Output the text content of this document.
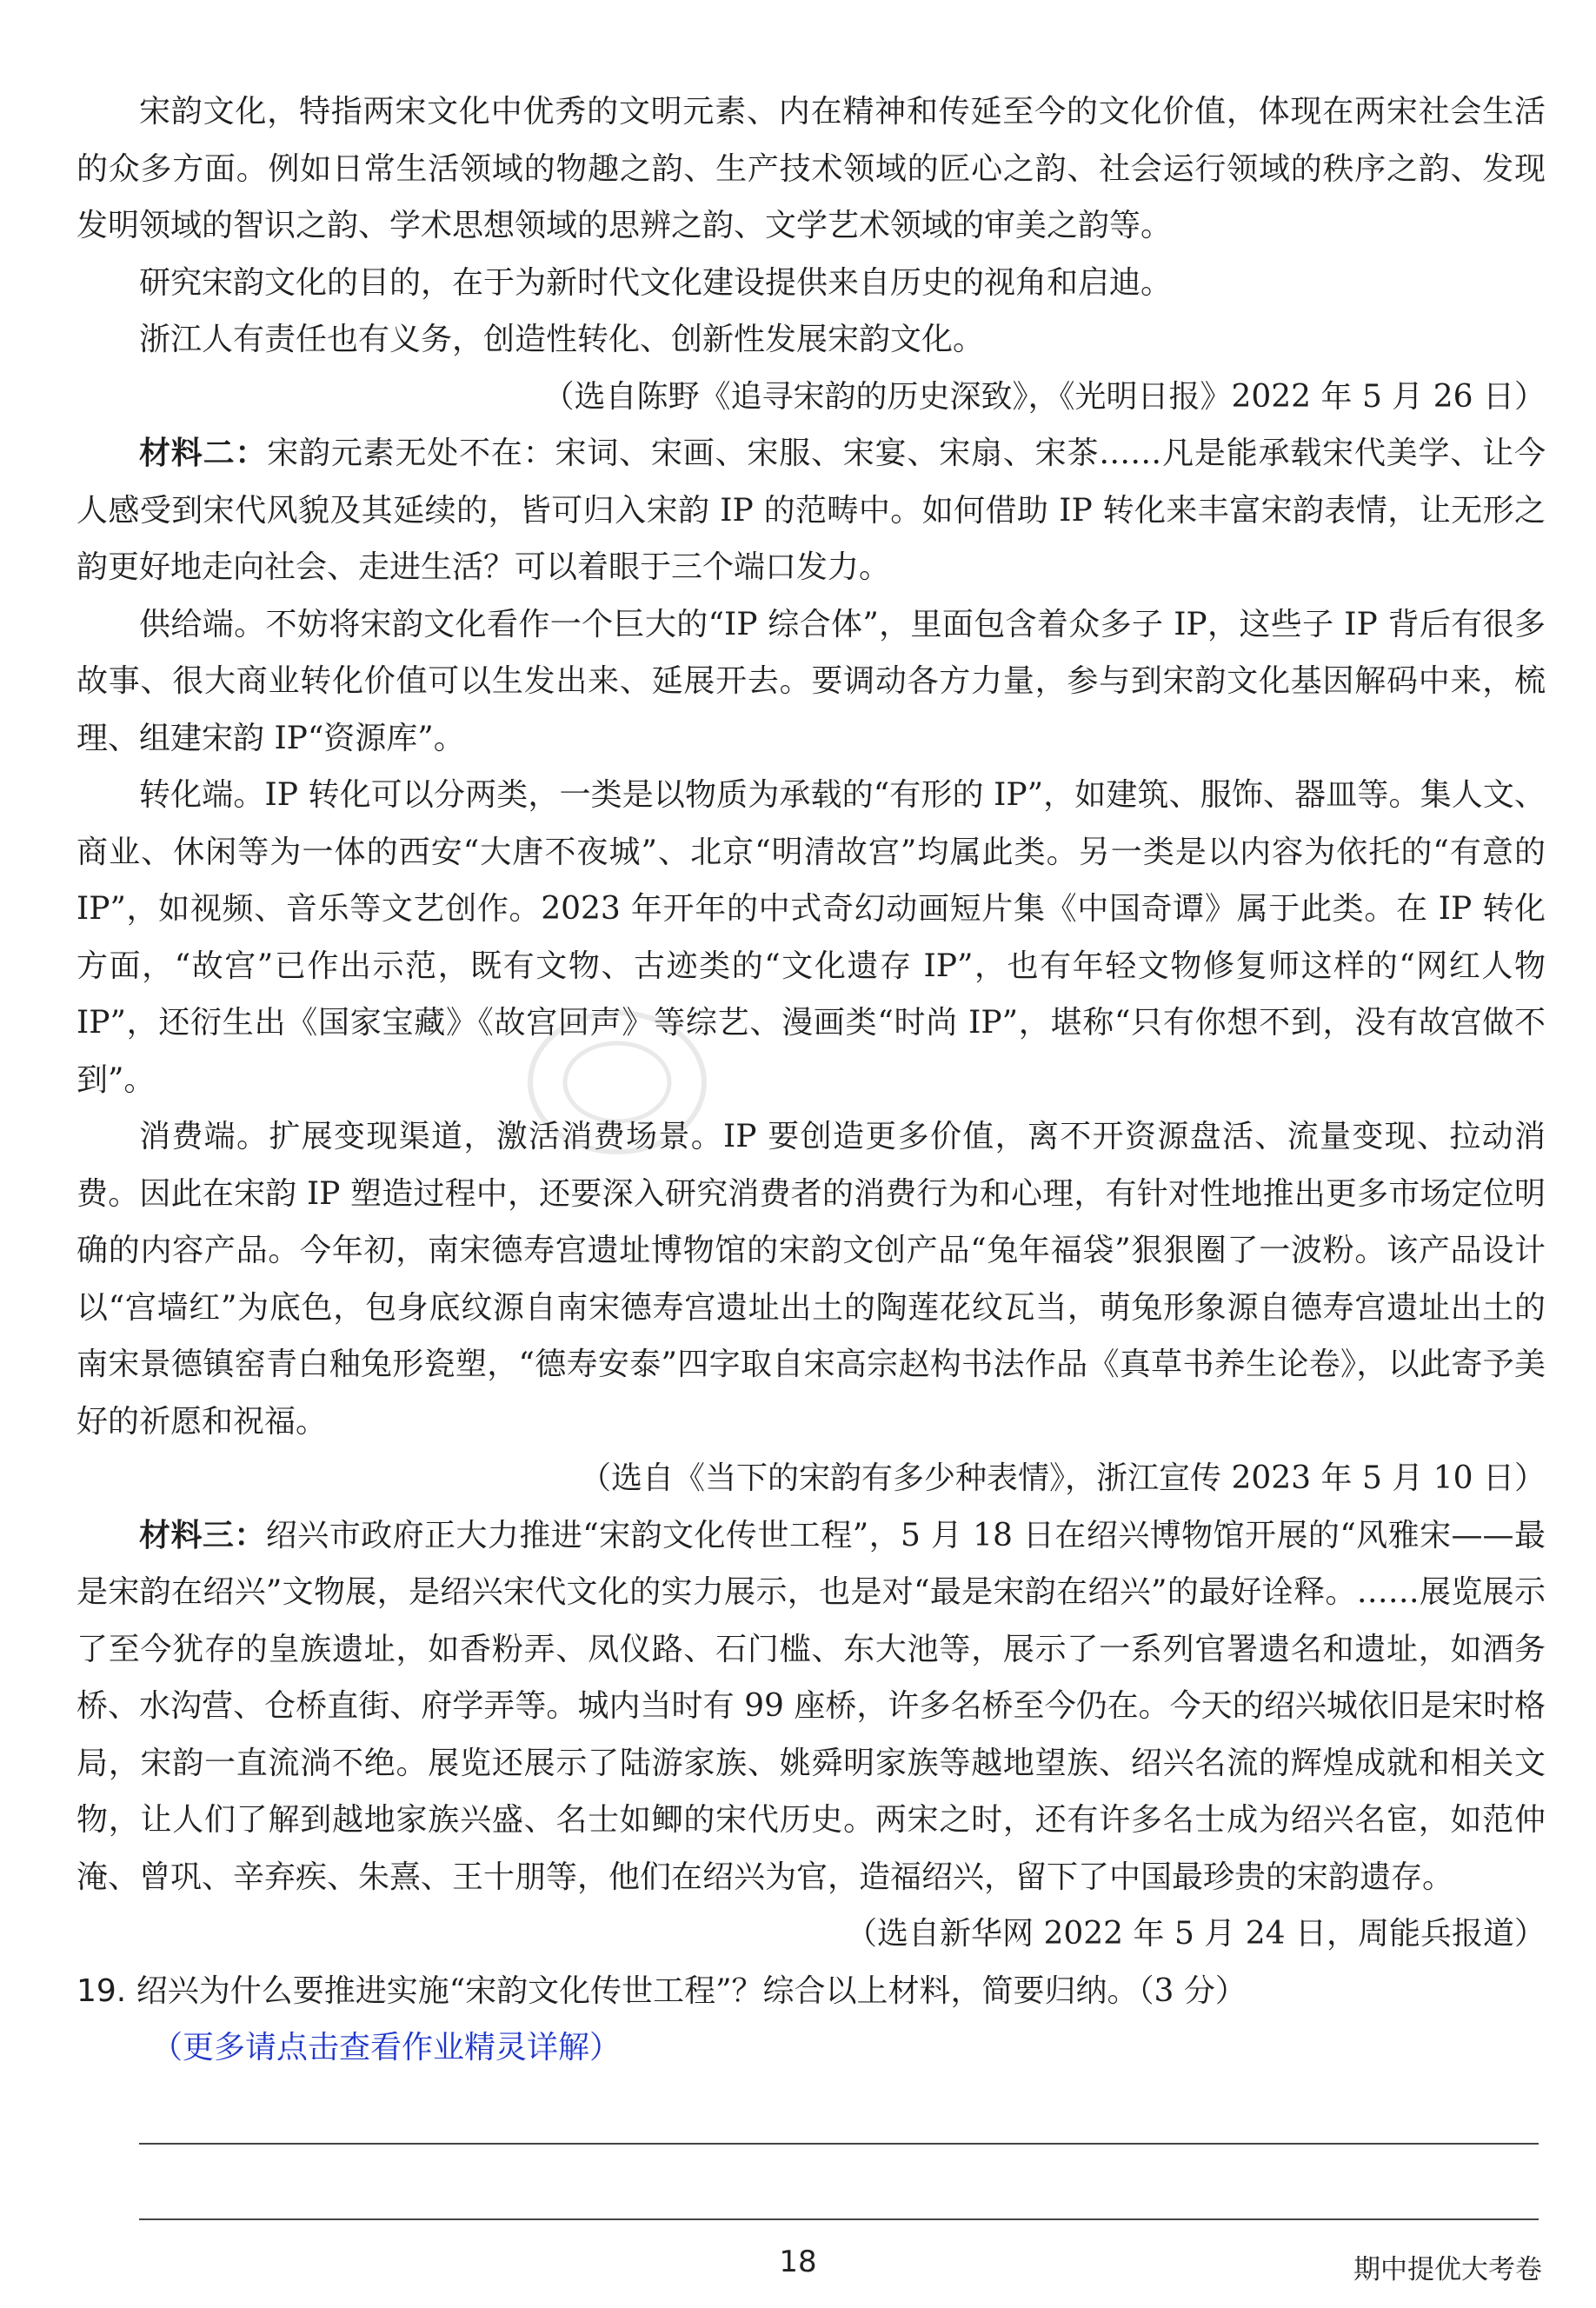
宋韵文化，特指两宋文化中优秀的文明元素、内在精神和传延至今的文化价值，体现在两宋社会生活的众多方面。例如日常生活领域的物趣之韵、生产技术领域的匠心之韵、社会运行领域的秩序之韵、发现发明领域的智识之韵、学术思想领域的思辨之韵、文学艺术领域的审美之韵等。

研究宋韵文化的目的，在于为新时代文化建设提供来自历史的视角和启迪。

浙江人有责任也有义务，创造性转化、创新性发展宋韵文化。

（选自陈野《追寻宋韵的历史深致》，《光明日报》2022 年 5 月 26 日）

材料二：宋韵元素无处不在：宋词、宋画、宋服、宋宴、宋扇、宋茶……凡是能承载宋代美学、让今人感受到宋代风貌及其延续的，皆可归入宋韵 IP 的范畴中。如何借助 IP 转化来丰富宋韵表情，让无形之韵更好地走向社会、走进生活？可以着眼于三个端口发力。

供给端。不妨将宋韵文化看作一个巨大的“IP 综合体”，里面包含着众多子 IP，这些子 IP 背后有很多故事、很大商业转化价值可以生发出来、延展开去。要调动各方力量，参与到宋韵文化基因解码中来，梳理、组建宋韵 IP“资源库”。

转化端。IP 转化可以分两类，一类是以物质为承载的“有形的 IP”，如建筑、服饰、器皿等。集人文、商业、休闲等为一体的西安“大唐不夜城”、北京“明清故宫”均属此类。另一类是以内容为依托的“有意的 IP”，如视频、音乐等文艺创作。2023 年开年的中式奇幻动画短片集《中国奇谭》属于此类。在 IP 转化方面，“故宫”已作出示范，既有文物、古迹类的“文化遗存 IP”，也有年轻文物修复师这样的“网红人物 IP”，还衍生出《国家宝藏》《故宫回声》等综艺、漫画类“时尚 IP”，堪称“只有你想不到，没有故宫做不到”。

消费端。扩展变现渠道，激活消费场景。IP 要创造更多价值，离不开资源盘活、流量变现、拉动消费。因此在宋韵 IP 塑造过程中，还要深入研究消费者的消费行为和心理，有针对性地推出更多市场定位明确的内容产品。今年初，南宋德寿宫遗址博物馆的宋韵文创产品“兔年福袋”狠狠圈了一波粉。该产品设计以“宫墙红”为底色，包身底纹源自南宋德寿宫遗址出土的陶莲花纹瓦当，萌兔形象源自德寿宫遗址出土的南宋景德镇窑青白釉兔形瓷塑，“德寿安泰”四字取自宋高宗赵构书法作品《真草书养生论卷》，以此寄予美好的祈愿和祝福。

（选自《当下的宋韵有多少种表情》，浙江宣传 2023 年 5 月 10 日）

材料三：绍兴市政府正大力推进“宋韵文化传世工程”，5 月 18 日在绍兴博物馆开展的“风雅宋——最是宋韵在绍兴”文物展，是绍兴宋代文化的实力展示，也是对“最是宋韵在绍兴”的最好诠释。……展览展示了至今犹存的皇族遗址，如香粉弄、凤仪路、石门槛、东大池等，展示了一系列官署遗名和遗址，如酒务桥、水沟营、仓桥直街、府学弄等。城内当时有 99 座桥，许多名桥至今仍在。今天的绍兴城依旧是宋时格局，宋韵一直流淌不绝。展览还展示了陆游家族、姚舜明家族等越地望族、绍兴名流的辉煌成就和相关文物，让人们了解到越地家族兴盛、名士如鲫的宋代历史。两宋之时，还有许多名士成为绍兴名宦，如范仲淹、曾巩、辛弃疾、朱熹、王十朋等，他们在绍兴为官，造福绍兴，留下了中国最珍贵的宋韵遗存。

（选自新华网 2022 年 5 月 24 日，周能兵报道）

19. 绍兴为什么要推进实施“宋韵文化传世工程”？综合以上材料，简要归纳。（3 分）

（更多请点击查看作业精灵详解）

18	期中提优大考卷
